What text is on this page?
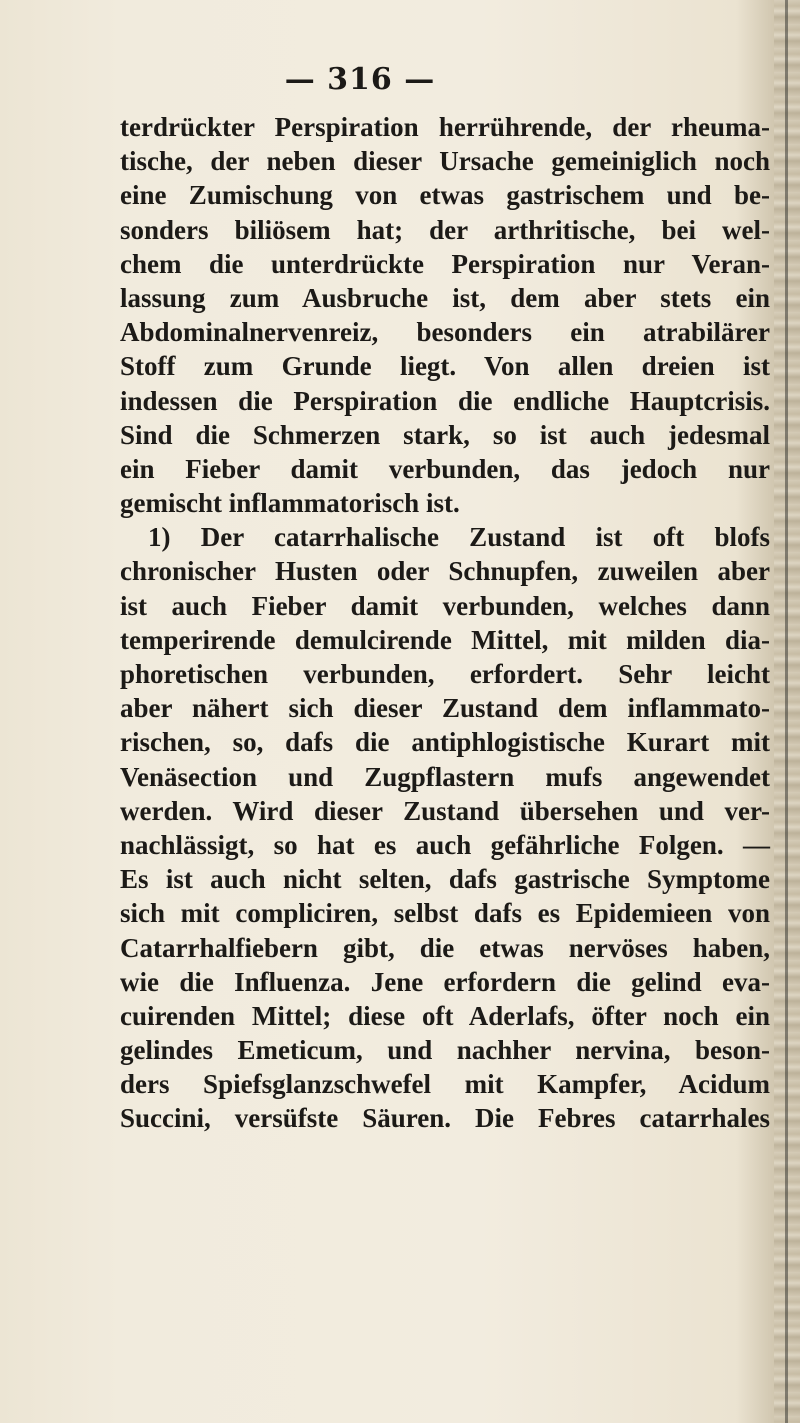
— 316 —
terdrückter Perspiration herrührende, der rheuma-
tische, der neben dieser Ursache gemeiniglich noch
eine Zumischung von etwas gastrischem und be-
sonders biliösem hat; der arthritische, bei wel-
chem die unterdrückte Perspiration nur Veran-
lassung zum Ausbruche ist, dem aber stets ein
Abdominalnervenreiz, besonders ein atrabilärer
Stoff zum Grunde liegt. Von allen dreien ist
indessen die Perspiration die endliche Hauptcrisis.
Sind die Schmerzen stark, so ist auch jedesmal
ein Fieber damit verbunden, das jedoch nur
gemischt inflammatorisch ist.
1) Der catarrhalische Zustand ist oft blofs
chronischer Husten oder Schnupfen, zuweilen aber
ist auch Fieber damit verbunden, welches dann
temperirende demulcirende Mittel, mit milden dia-
phoretischen verbunden, erfordert. Sehr leicht
aber nähert sich dieser Zustand dem inflammato-
rischen, so, dafs die antiphlogistische Kurart mit
Venäsection und Zugpflastern mufs angewendet
werden. Wird dieser Zustand übersehen und ver-
nachlässigt, so hat es auch gefährliche Folgen. —
Es ist auch nicht selten, dafs gastrische Symptome
sich mit compliciren, selbst dafs es Epidemieen von
Catarrhalfiebern gibt, die etwas nervöses haben,
wie die Influenza. Jene erfordern die gelind eva-
cuirenden Mittel; diese oft Aderlafs, öfter noch ein
gelindes Emeticum, und nachher nervina, beson-
ders Spiefsglanzschwefel mit Kampfer, Acidum
Succini, versüfste Säuren. Die Febres catarrhales
